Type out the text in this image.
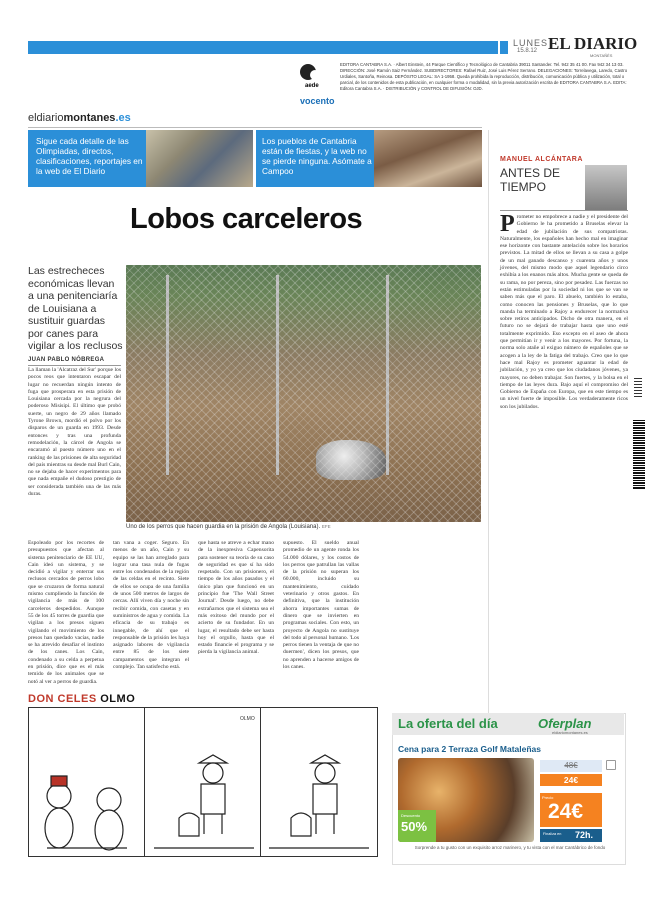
LUNES
15.8.12 EL DIARIO
MONTAÑÉS
aede
vocento
EDITORA CANTABRA S.A. · Albert Einstein, 44 Parque Científico y Tecnológico de Cantabria 39011 Santander. Tel. 942 35 41 00. Fax 942 34 13 03. DIRECCIÓN: José Ramón Saiz Fernández. SUBDIRECTORES: Rafael Ruiz, José Luis Pérez Serrano. DELEGACIONES: Torrelavega, Laredo, Castro Urdiales, Santoña, Reinosa. DEPÓSITO LEGAL: SA 1-1958. Queda prohibida la reproducción, distribución, comunicación pública y utilización, total o parcial, de los contenidos de esta publicación, en cualquier forma o modalidad, sin la previa autorización escrita de EDITORA CANTABRA S.A. EDITA: Editora Cantabra S.A. · DISTRIBUCIÓN y CONTROL DE DIFUSIÓN: OJD.
eldiariomontanes.es
Sigue cada detalle de las Olimpiadas, directos, clasificaciones, reportajes en la web de El Diario
Los pueblos de Cantabria están de fiestas, y la web no se pierde ninguna. Asómate a Campoo
MANUEL ALCÁNTARA
ANTES DE TIEMPO
Prometer no empobrece a nadie y el presidente del Gobierno le ha prometido a Bruselas elevar la edad de jubilación de sus compatriotas. Naturalmente, los españoles han hecho mal en imaginar ese horizonte con bastante antelación sobre los horarios previstos. La mitad de ellos se llevan a su casa a golpe de un mal ganado descanso y cuarenta años y unos jóvenes, del mismo modo que aquel legendario circo exhibía a los enanos más altos. Mucha gente se queda de su rama, no por pereza, sino por pesadez. Las fuerzas no están estimuladas por la sociedad ni los que se van se saben más que el paro. El abuelo, también lo estaba, como conocen las pensiones y Bruselas, que lo que manda ha terminado a Rajoy a endurecer la normativa sobre retiros anticipados. Dicho de otra manera, en el futuro no se dejará de trabajar hasta que uno esté totalmente exprimido. Eso excepto en el aseo de ahora que permitían ir y venir a los mayores. Por fortuna, la norma solo atañe al exiguo número de españoles que se acogen a la ley de la fatiga del trabajo. Creo que lo que hace mal Rajoy es prometer aguantar la edad de jubilación, y yo ya creo que los ciudadanos jóvenes, ya mayores, no deben trabajar. Son fuertes, y la bolsa en el tiempo de las leyes dura. Bajo aquí el compromiso del Gobierno de España con Europa, que en este tiempo es un nivel fuerte de imposible. Los verdaderamente ricos son los jubilados.
Lobos carceleros
Las estrecheces económicas llevan a una penitenciaría de Louisiana a sustituir guardas por canes para vigilar a los reclusos
JUAN PABLO NÓBREGA
La llaman la 'Alcatraz del Sur' porque los pocos reos que intentaron escapar del lugar no recuerdan ningún intento de fuga que prosperara en esta prisión de Louisiana cercada por la negrura del poderoso Misisipi. El último que probó suerte, un negro de 29 años llamado Tyrone Brown, mordió el polvo por los disparos de un guarda en 1993. Desde entonces y tras una profunda remodelación, la cárcel de Angola se encaramó al puesto número uno en el ranking de las prisiones de alta seguridad del país mientras su desde mal Burl Cain, no se dejaba de hacer experimentos para que nada empañe el dudoso prestigio de ser considerada también una de las más duras.
Uno de los perros que hacen guardia en la prisión de Angola (Louisiana). EFE
Espoleado por los recortes de presupuestos que afectan al sistema penitenciario de EE UU, Cain ideó un sistema, y se decidió a vigilar y enterrar sus reclusos cercados de perros lobo que se cruzaron de forma natural mismo cumpliendo la función de vigilancia de más de 100 carceleros despedidos. Aunque 55 de los 45 torres de guardia que vigilan a los presos siguen vigilando el movimiento de los presos han quedado vacías, nadie se ha atrevido desafiar el instinto de los canes. Los Cain, condenado a su celda a perpetua en prisión, dice que es el más temido de los animales que se notó al ver a perros de guardia.
tan vana a coger. Seguro. En menos de un año, Cain y su equipo se las han arreglado para lograr una tasa nula de fugas entre los condenados de la región de las celdas en el recinto. Siete de ellos se ocupa de una familia de unos 500 metros de largos de cercas. Allí viven día y noche sin recibir comida, con casetas y en suministros de agua y comida. La eficacia de su trabajo es innegable, de ahí que el responsable de la prisión les haya asignado labores de vigilancia entre 85 de los siete campamentos que integran el complejo. Tan satisfecho está.
que hasta se atreve a echar mano de la inexpresiva Capensorita para sostener su teoría de su caso de seguridad es que sí ha sido respetado. Con un prisionero, el tiempo de los años pasados y el único plan que funcionó en un principio fue 'The Wall Street Journal'. Desde luego, no debe extrañarnos que el sistema sea el más exitoso del mundo por el acierto de su fundador. En un lugar, el resultado debe ser hasta hoy el orgullo, hasta que el estado financie el programa y se pierda la vigilancia animal.
supuesto. El sueldo anual promedio de un agente ronda los 54.000 dólares, y los costos de los perros que patrullan las vallas de la prisión no superan los 60.000, incluido su mantenimiento, cuidado veterinario y otros gastos. En definitiva, que la institución ahorra importantes sumas de dinero que se invierten en programas sociales. Con esto, un proyecto de Angola no sustituye del todo al personal humano. 'Los perros tienen la ventaja de que no duermen', dicen los presos, que no aprenden a hacerse amigos de los canes.
DON CELES OLMO
OLMO	La oferta del día	Oferplan
eldiariomontanes.es
Cena para 2 Terraza Golf Mataleñas
Descuento
50%
48€
24€
Precio
24€
Finaliza en 72h.
Sorprende a tu gusto con un exquisito arroz marinero, y tu vista con el mar Cantábrico de fondo
